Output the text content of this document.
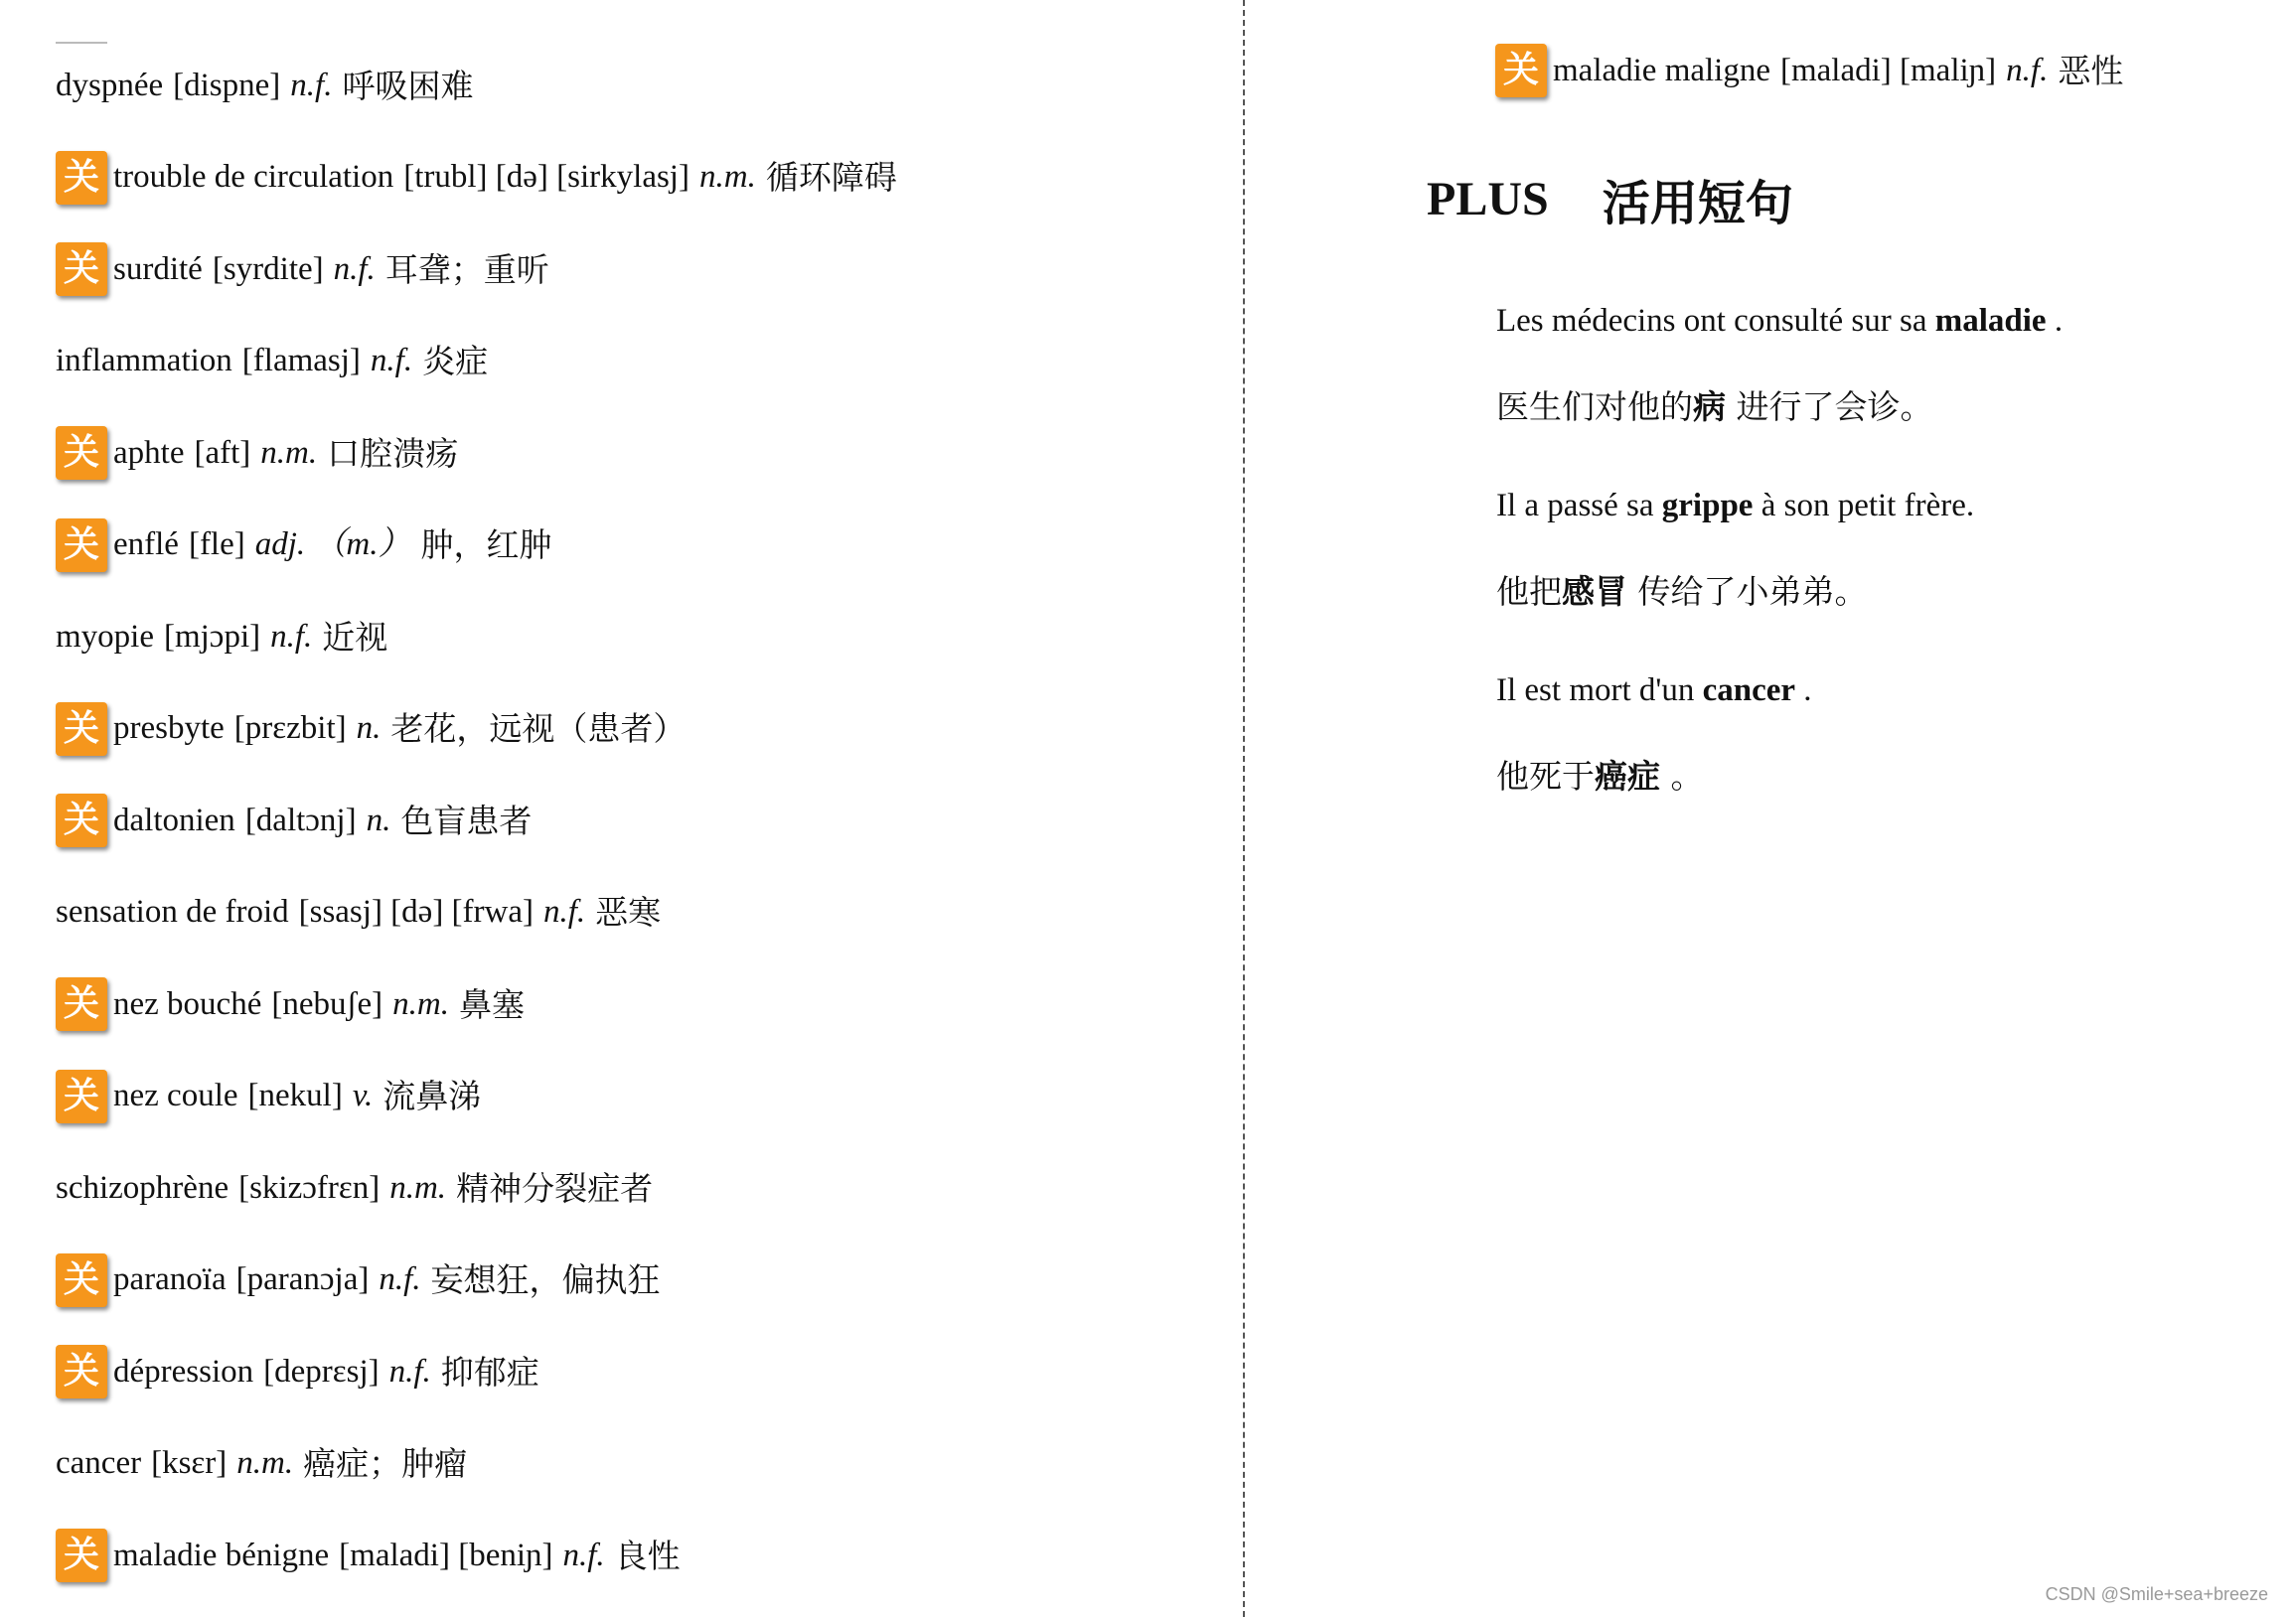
dyspnée [dispne] n.f. 呼吸困难
关 trouble de circulation [trubl] [də] [sirkylasj] n.m. 循环障碍
关 surdité [syrdite] n.f. 耳聋；重听
inflammation [flamasj] n.f. 炎症
关 aphte [aft] n.m. 口腔溃疡
关 enflé [fle] adj. （m.） 肿，红肿
myopie [mjɔpi] n.f. 近视
关 presbyte [prɛzbit] n. 老花，远视（患者）
关 daltonien [daltɔnj] n. 色盲患者
sensation de froid [ssasj] [də] [frwa] n.f. 恶寒
关 nez bouché [nebuʃe] n.m. 鼻塞
关 nez coule [nekul] v. 流鼻涕
schizophrène [skizɔfrɛn] n.m. 精神分裂症者
关 paranoïa [paranɔja] n.f. 妄想狂，偏执狂
关 dépression [deprɛsj] n.f. 抑郁症
cancer [ksɛr] n.m. 癌症；肿瘤
关 maladie bénigne [maladi] [beniɲ] n.f. 良性
关 maladie maligne [maladi] [maliɲ] n.f. 恶性
PLUS 活用短句
Les médecins ont consulté sur sa maladie .
医生们对他的病 进行了会诊。
Il a passé sa grippe à son petit frère.
他把感冒 传给了小弟弟。
Il est mort d'un cancer .
他死于癌症 。
CSDN @Smile+sea+breeze
